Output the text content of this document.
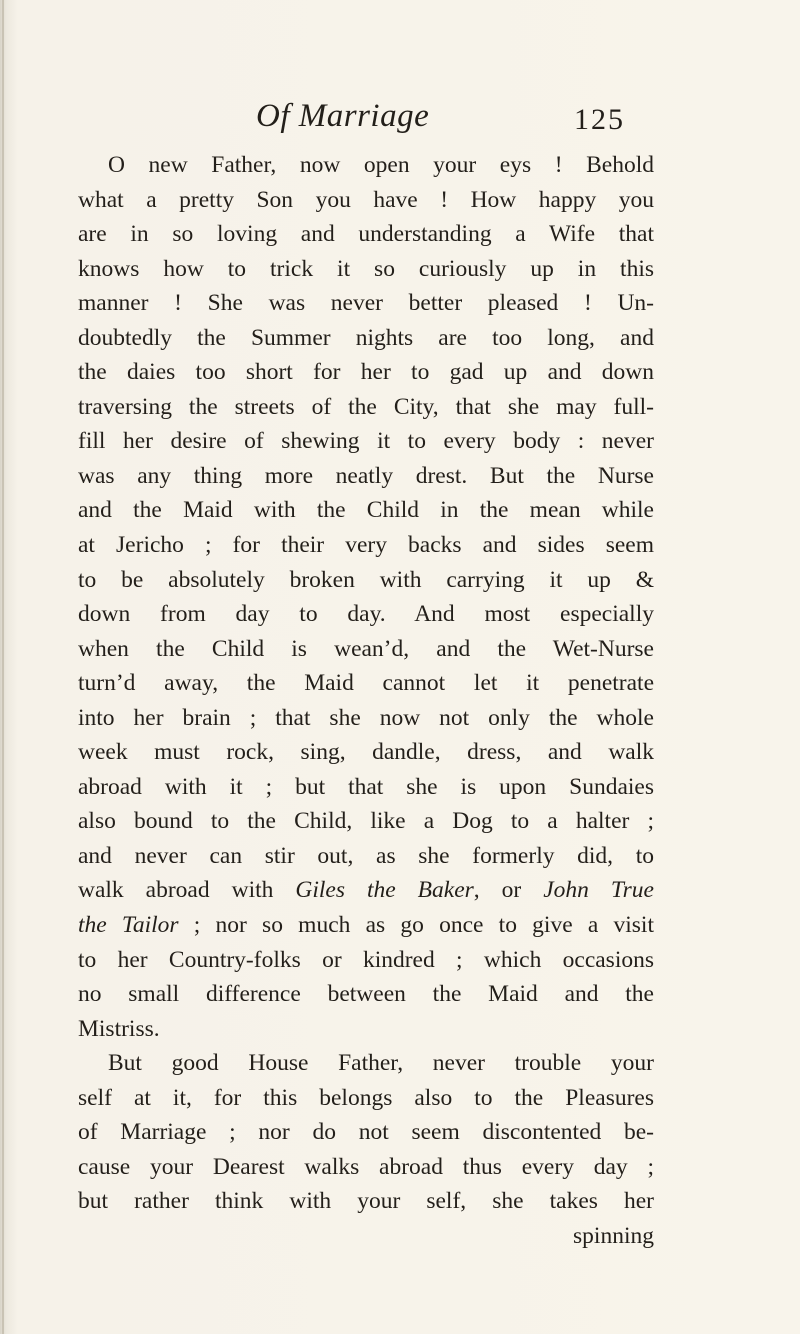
Of Marriage	125
O new Father, now open your eys ! Behold
what a pretty Son you have ! How happy you
are in so loving and understanding a Wife that
knows how to trick it so curiously up in this
manner ! She was never better pleased ! Un-
doubtedly the Summer nights are too long, and
the daies too short for her to gad up and down
traversing the streets of the City, that she may full-
fill her desire of shewing it to every body : never
was any thing more neatly drest. But the Nurse
and the Maid with the Child in the mean while
at Jericho ; for their very backs and sides seem
to be absolutely broken with carrying it up &
down from day to day. And most especially
when the Child is wean’d, and the Wet-Nurse
turn’d away, the Maid cannot let it penetrate
into her brain ; that she now not only the whole
week must rock, sing, dandle, dress, and walk
abroad with it ; but that she is upon Sundaies
also bound to the Child, like a Dog to a halter ;
and never can stir out, as she formerly did, to
walk abroad with Giles the Baker, or John True
the Tailor ; nor so much as go once to give a visit
to her Country-folks or kindred ; which occasions
no small difference between the Maid and the
Mistriss.
But good House Father, never trouble your
self at it, for this belongs also to the Pleasures
of Marriage ; nor do not seem discontented be-
cause your Dearest walks abroad thus every day ;
but rather think with your self, she takes her
spinning
